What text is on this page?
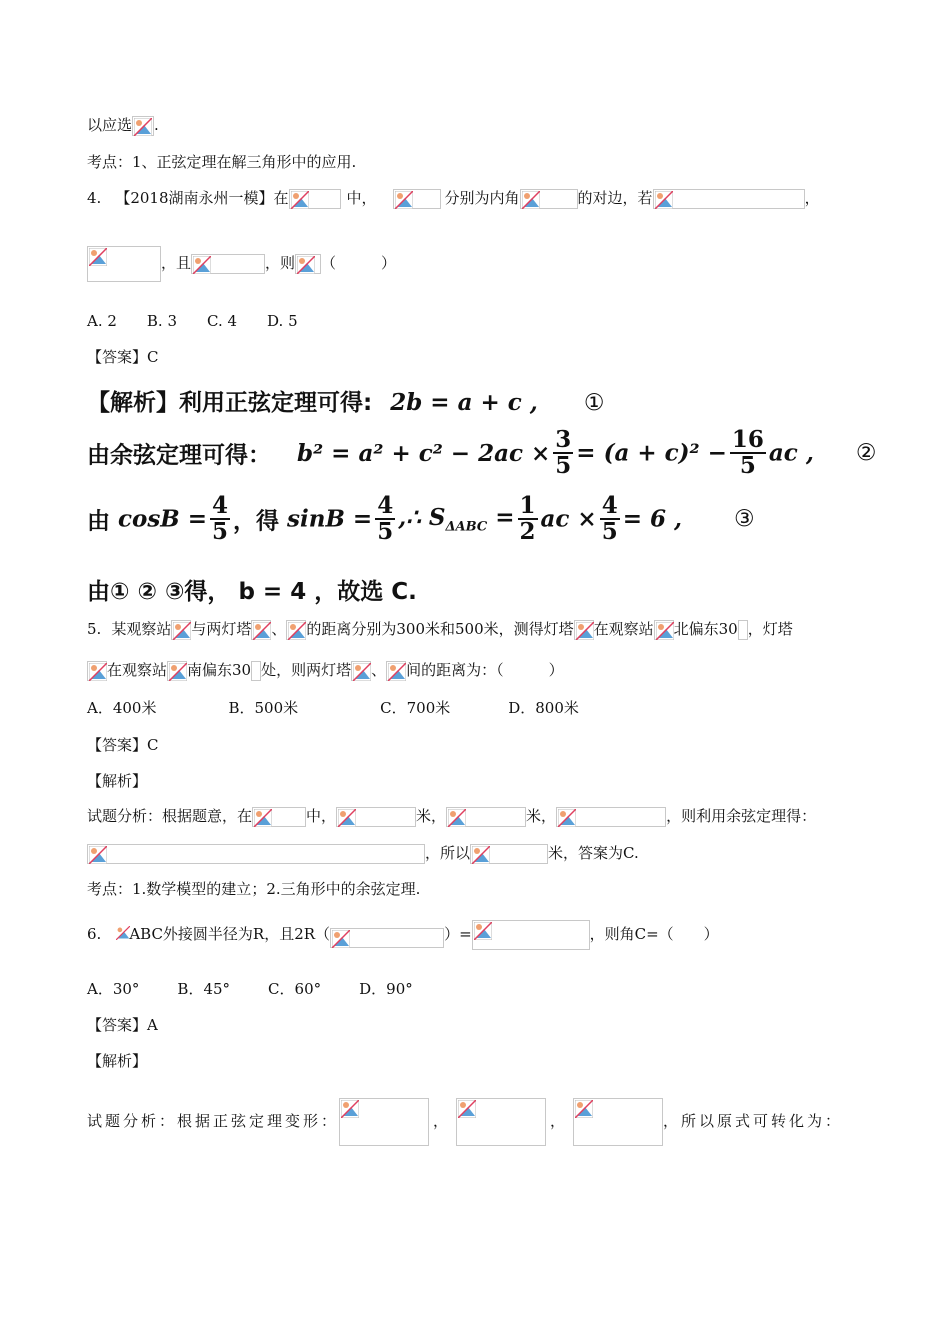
以应选 .
考点：1、正弦定理在解三角形中的应用.
4. 【2018湖南永州一模】在	中，	分别为内角	的对边，若	，
，且	，则 （　　　）
A. 2　　B. 3　　C. 4　　D. 5
【答案】C
【解析】利用正弦定理可得: 2b = a + c , ①
由余弦定理可得： $b^2 = a^2 + c^2 - 2ac \times \frac{3}{5} = (a + c)^2 - \frac{16}{5}$ ac , ②
由 $\cos B = \frac{4}{5}$ ，得 $\sin B = \frac{4}{5}$ ,∴ $S_{\Delta ABC} = \frac{1}{2}$ ac × $\frac{4}{5} = 6$ , ③
由① ② ③得， b = 4 ，故选 C.
5. 某观察站 与两灯塔 、 的距离分别为300米和500米，测得灯塔 在观察站 北偏东30 ，灯塔
在观察站 南偏东30 处，则两灯塔 、 间的距离为：（　　　）
A．400米	B．500米	C．700米	D．800米
【答案】C
【解析】
试题分析：根据题意，在	中，	米，	米，	，则利用余弦定理得：
，所以	米，答案为C.
考点：1.数学模型的建立；2.三角形中的余弦定理.
6. ABC外接圆半径为R，且2R（	）=	，则角C=（　　）
A．30°	B．45°	C．60°	D．90°
【答案】A
【解析】
试题分析：根据正弦定理变形：	，	，	，所以原式可转化为：
